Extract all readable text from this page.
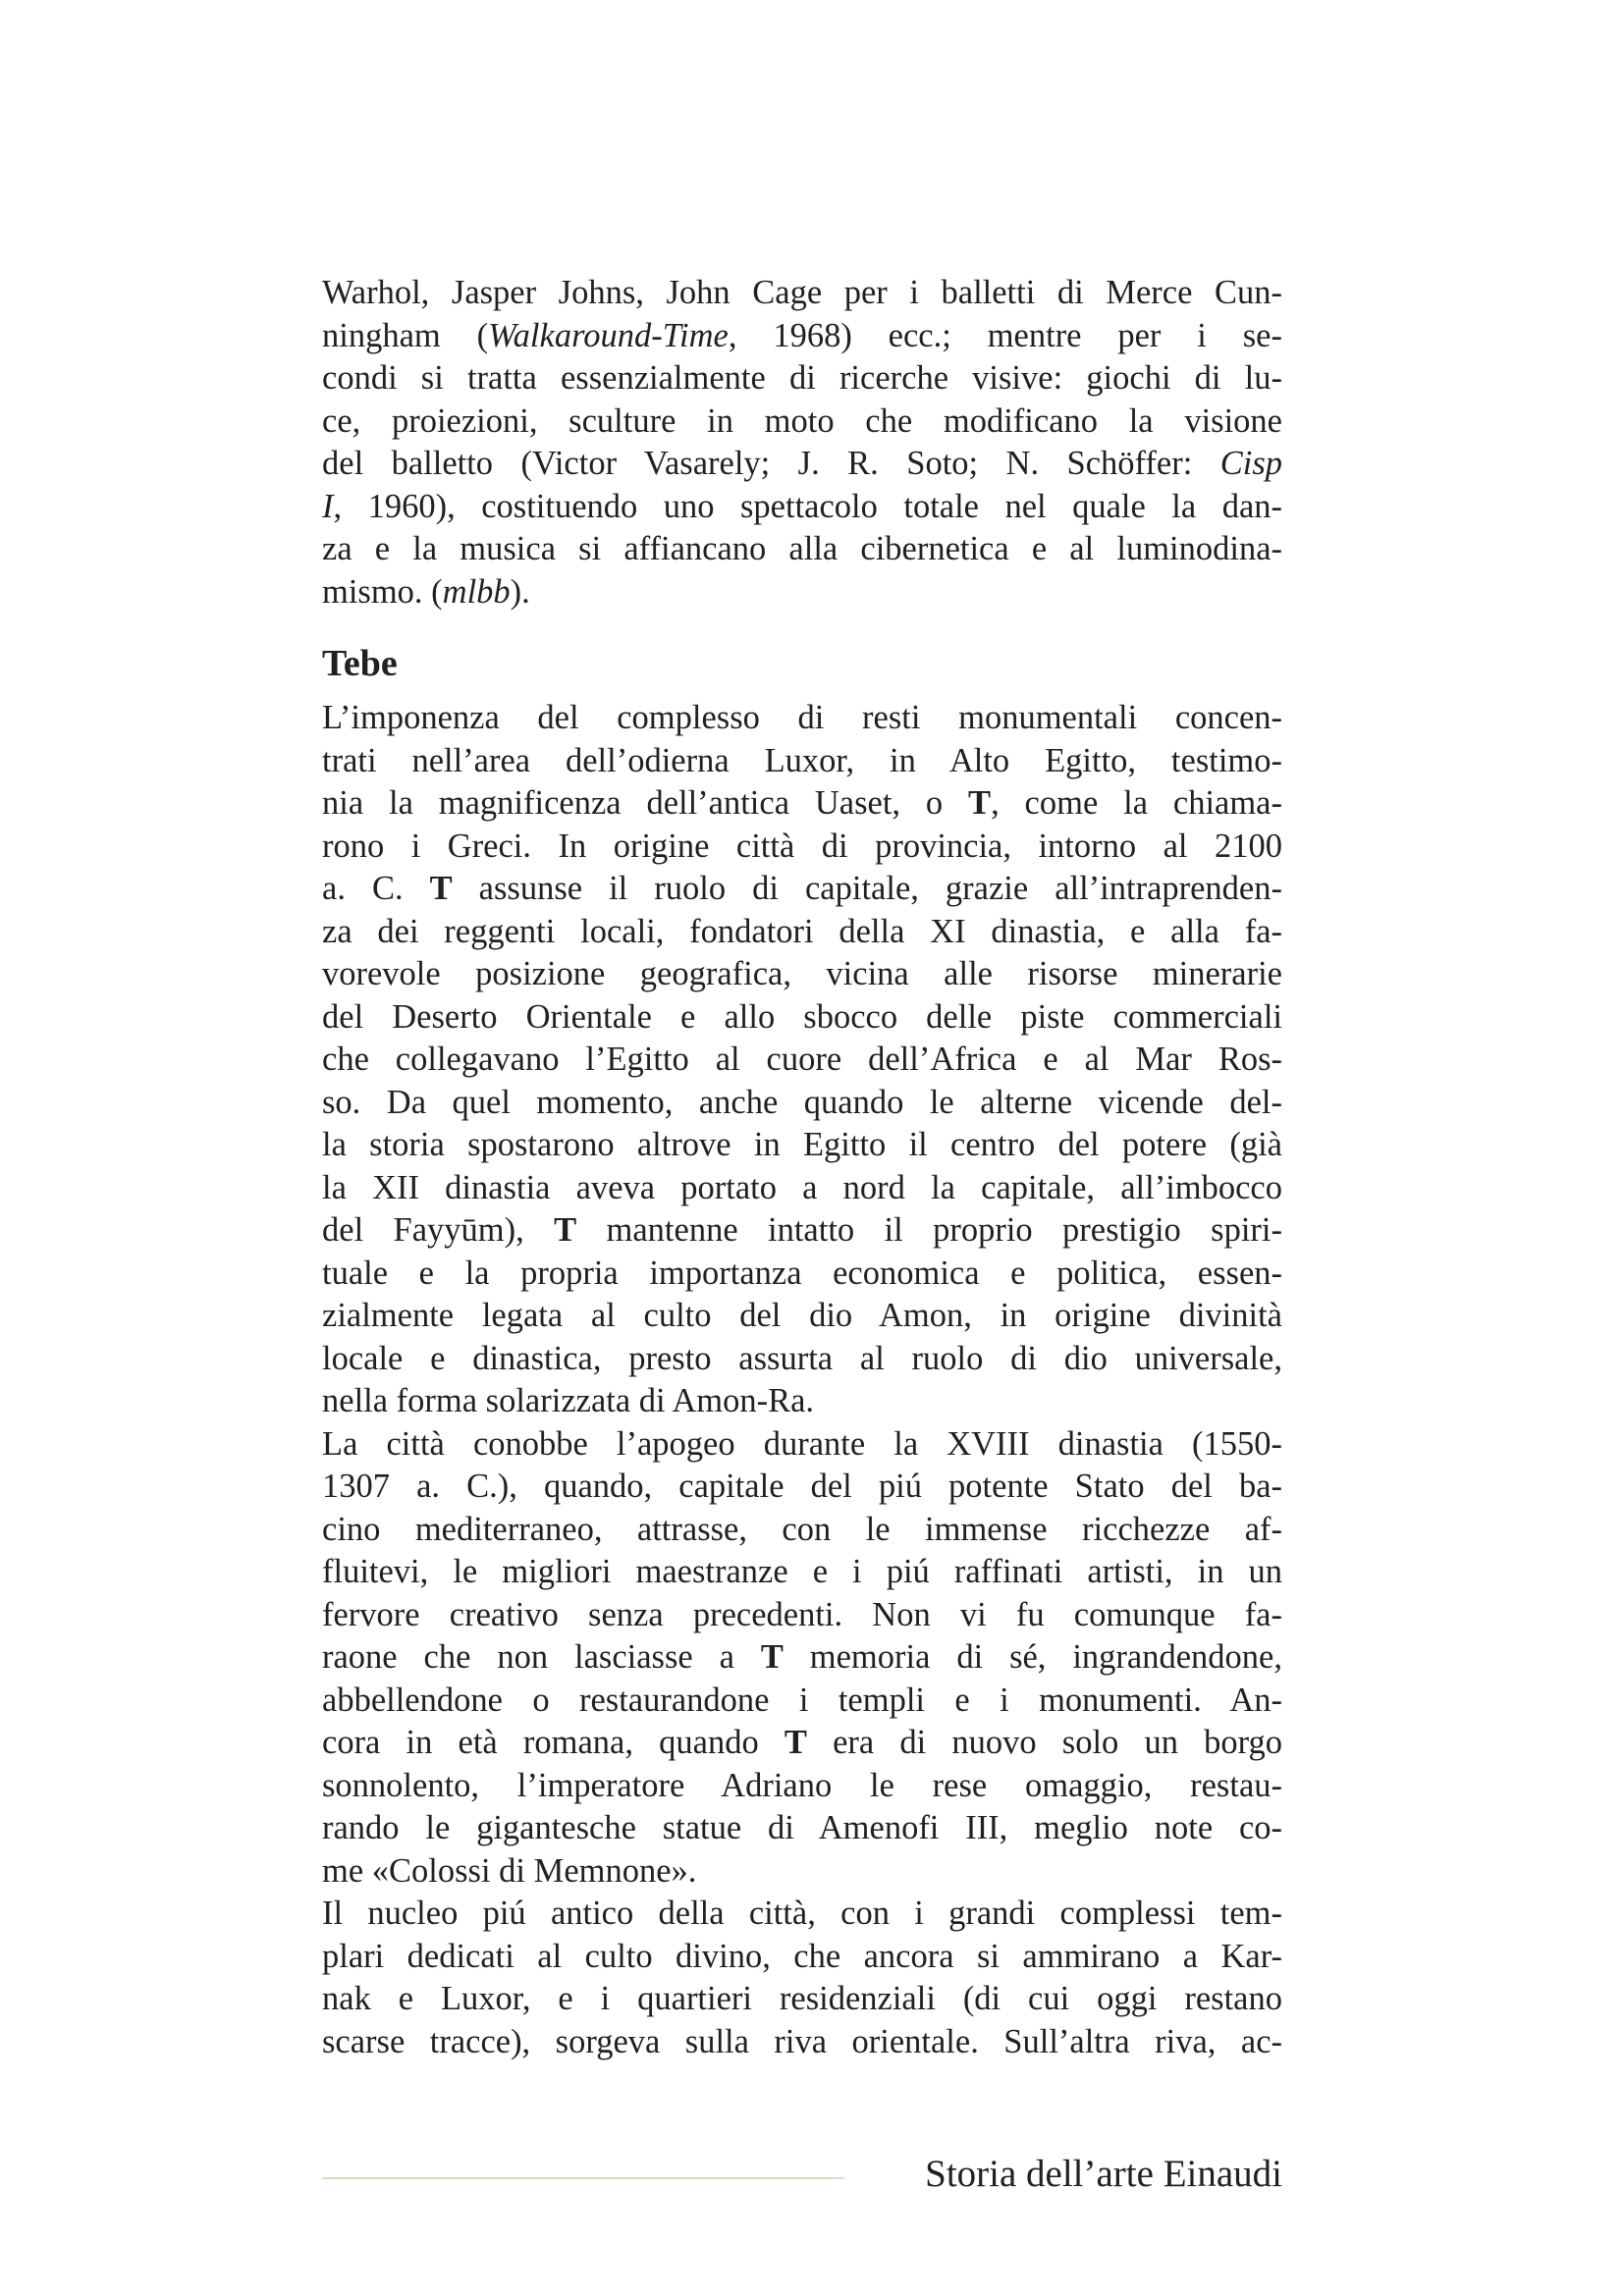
Warhol, Jasper Johns, John Cage per i balletti di Merce Cun-
ningham (Walkaround-Time, 1968) ecc.; mentre per i se-
condi si tratta essenzialmente di ricerche visive: giochi di lu-
ce, proiezioni, sculture in moto che modificano la visione
del balletto (Victor Vasarely; J. R. Soto; N. Schöffer: Cisp
I, 1960), costituendo uno spettacolo totale nel quale la dan-
za e la musica si affiancano alla cibernetica e al luminodina-
mismo. (mlbb).
Tebe
L’imponenza del complesso di resti monumentali concen-
trati nell’area dell’odierna Luxor, in Alto Egitto, testimo-
nia la magnificenza dell’antica Uaset, o T, come la chiama-
rono i Greci. In origine città di provincia, intorno al 2100
a. C. T assunse il ruolo di capitale, grazie all’intraprenden-
za dei reggenti locali, fondatori della XI dinastia, e alla fa-
vorevole posizione geografica, vicina alle risorse minerarie
del Deserto Orientale e allo sbocco delle piste commerciali
che collegavano l’Egitto al cuore dell’Africa e al Mar Ros-
so. Da quel momento, anche quando le alterne vicende del-
la storia spostarono altrove in Egitto il centro del potere (già
la XII dinastia aveva portato a nord la capitale, all’imbocco
del Fayyūm), T mantenne intatto il proprio prestigio spiri-
tuale e la propria importanza economica e politica, essen-
zialmente legata al culto del dio Amon, in origine divinità
locale e dinastica, presto assurta al ruolo di dio universale,
nella forma solarizzata di Amon-Ra.
La città conobbe l’apogeo durante la XVIII dinastia (1550-
1307 a. C.), quando, capitale del piú potente Stato del ba-
cino mediterraneo, attrasse, con le immense ricchezze af-
fluitevi, le migliori maestranze e i piú raffinati artisti, in un
fervore creativo senza precedenti. Non vi fu comunque fa-
raone che non lasciasse a T memoria di sé, ingrandendone,
abbellendone o restaurandone i templi e i monumenti. An-
cora in età romana, quando T era di nuovo solo un borgo
sonnolento, l’imperatore Adriano le rese omaggio, restau-
rando le gigantesche statue di Amenofi III, meglio note co-
me «Colossi di Memnone».
Il nucleo piú antico della città, con i grandi complessi tem-
plari dedicati al culto divino, che ancora si ammirano a Kar-
nak e Luxor, e i quartieri residenziali (di cui oggi restano
scarse tracce), sorgeva sulla riva orientale. Sull’altra riva, ac-
Storia dell’arte Einaudi
